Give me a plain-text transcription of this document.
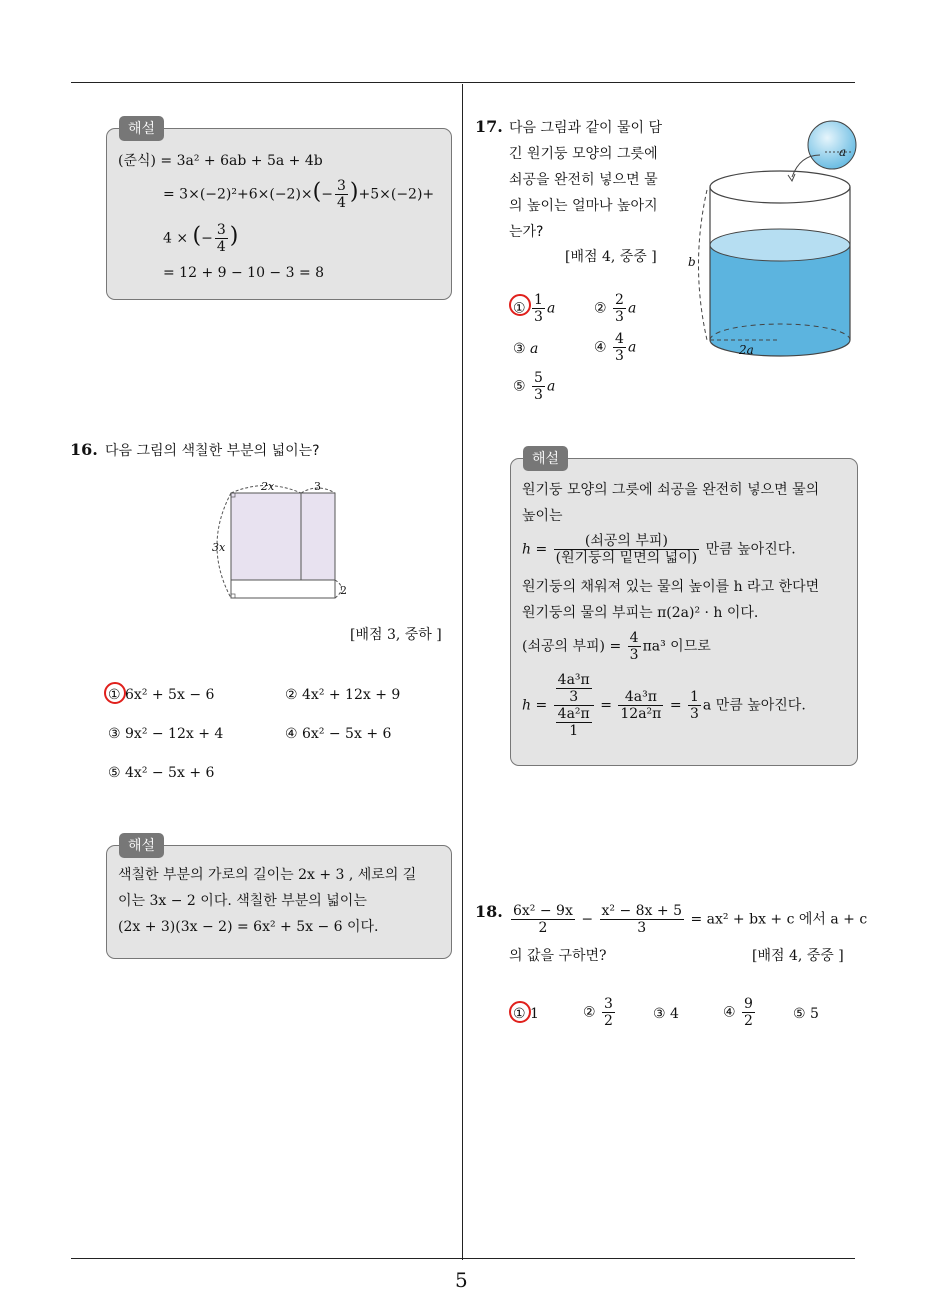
5
해설
(준식) = 3a² + 6ab + 5a + 4b
= $3\times(-2)^2+6\times(-2)\times(- \frac{3}{4} )+5\times(-2)+$
4 × (− $\frac{3}{4}$ )
= 12 + 9 − 10 − 3 = 8
16. 다음 그림의 색칠한 부분의 넓이는?
2x	3
3x
2
[배점 3, 중하 ]
① 6x² + 5x − 6	② 4x² + 12x + 9
③ 9x² − 12x + 4	④ 6x² − 5x + 6
⑤ 4x² − 5x + 6
해설
색칠한 부분의 가로의 길이는 2x + 3 , 세로의 길
이는 3x − 2 이다. 색칠한 부분의 넓이는
(2x + 3)(3x − 2) = 6x² + 5x − 6 이다.
17. 다음 그림과 같이 물이 담
긴 원기둥 모양의 그릇에
쇠공을 완전히 넣으면 물
의 높이는 얼마나 높아지
는가?
[배점 4, 중중 ]
a
b
2a
① $\frac{1}{3}$ a	② $\frac{2}{3}$ a
③ a	④ $\frac{4}{3}$ a
⑤ $\frac{5}{3}$ a
해설
원기둥 모양의 그릇에 쇠공을 완전히 넣으면 물의
높이는
$h = \frac{\text{(쇠공의 부피)}}{\text{(원기둥의 밑면의 넓이)}}$ 만큼 높아진다.
원기둥의 채워져 있는 물의 높이를 h 라고 한다면
원기둥의 물의 부피는 π(2a)² · h 이다.
(쇠공의 부피) = $\frac{4}{3} \pi a^3$ 이므로
$h = \frac{\frac{\text{4a³π}}{3}}{\frac{\text{4a²π}}{1}} = \frac{\text{4a³π}}{\text{12a²π}} = \frac{1}{3}$ a 만큼 높아진다.
18. $\frac{\text{6x² − 9x}}{2} - \frac{\text{x² − 8x + 5}}{3} = ax^2$ + bx + c 에서 a + c
의 값을 구하면?	[배점 4, 중중 ]
① 1	② $\frac{3}{2}$	③ 4	④ $\frac{9}{2}$	⑤ 5
